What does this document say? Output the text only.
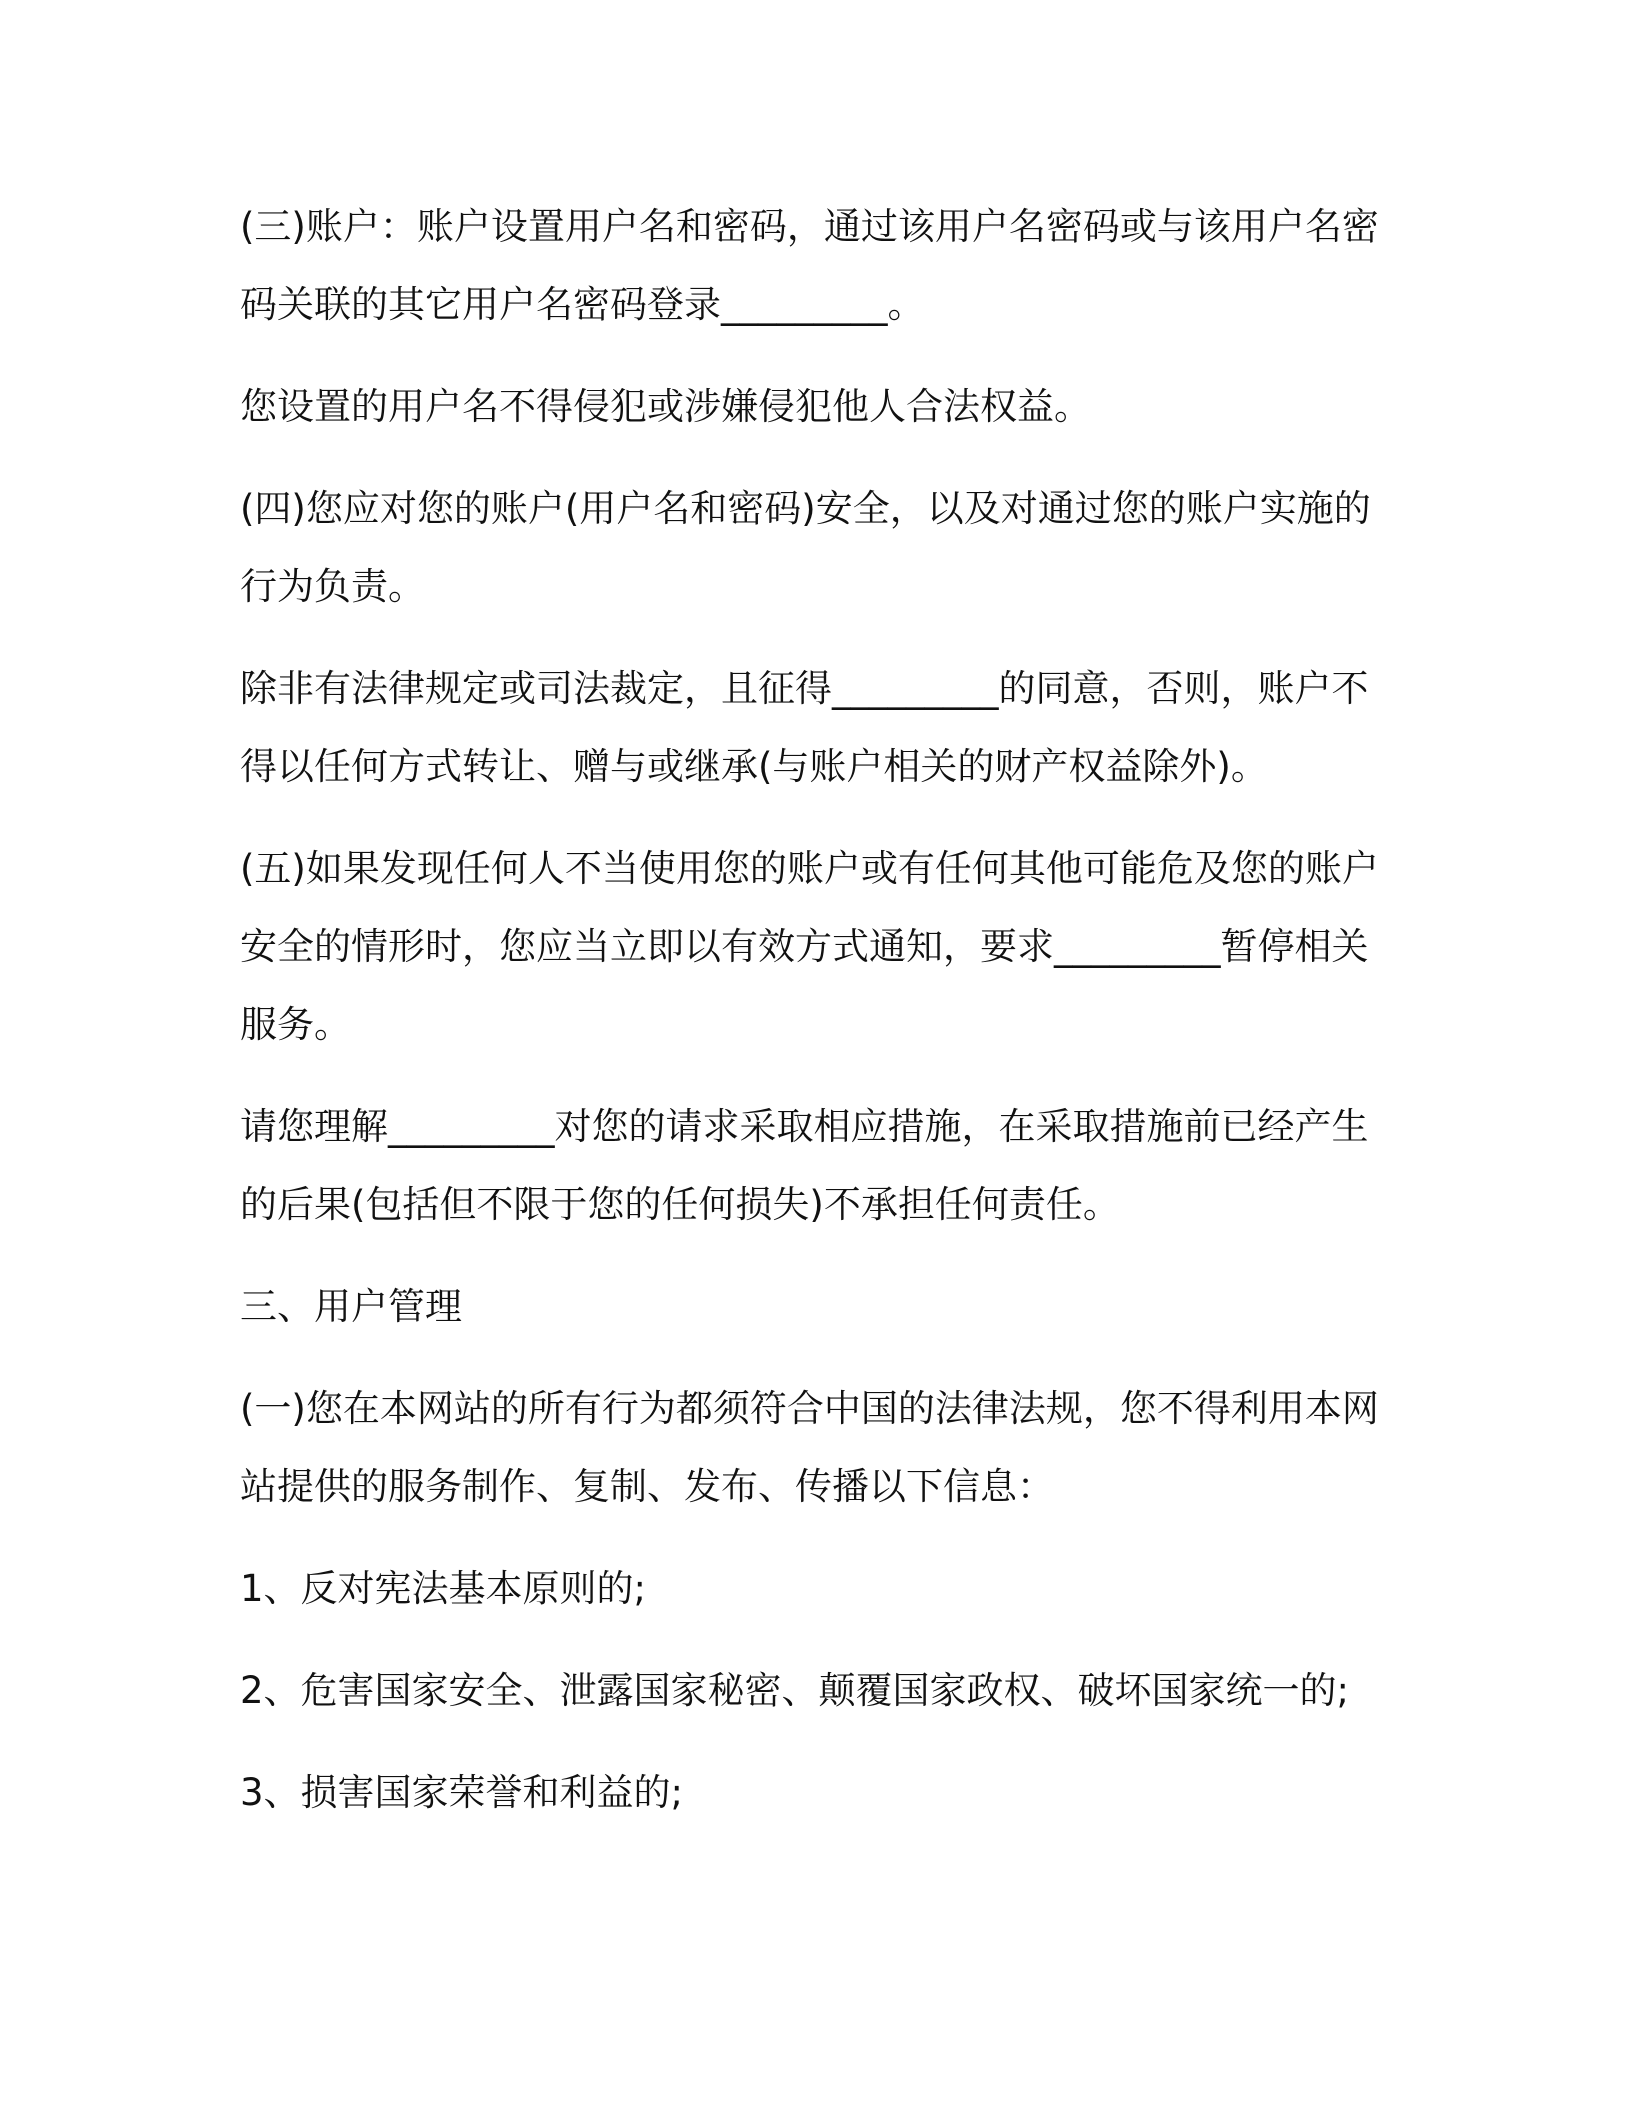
(三)账户：账户设置用户名和密码，通过该用户名密码或与该用户名密码关联的其它用户名密码登录_________。

您设置的用户名不得侵犯或涉嫌侵犯他人合法权益。

(四)您应对您的账户(用户名和密码)安全，以及对通过您的账户实施的行为负责。

除非有法律规定或司法裁定，且征得_________的同意，否则，账户不得以任何方式转让、赠与或继承(与账户相关的财产权益除外)。

(五)如果发现任何人不当使用您的账户或有任何其他可能危及您的账户安全的情形时，您应当立即以有效方式通知，要求_________暂停相关服务。

请您理解_________对您的请求采取相应措施，在采取措施前已经产生的后果(包括但不限于您的任何损失)不承担任何责任。

三、用户管理

(一)您在本网站的所有行为都须符合中国的法律法规，您不得利用本网站提供的服务制作、复制、发布、传播以下信息：

1、反对宪法基本原则的;

2、危害国家安全、泄露国家秘密、颠覆国家政权、破坏国家统一的;

3、损害国家荣誉和利益的;
